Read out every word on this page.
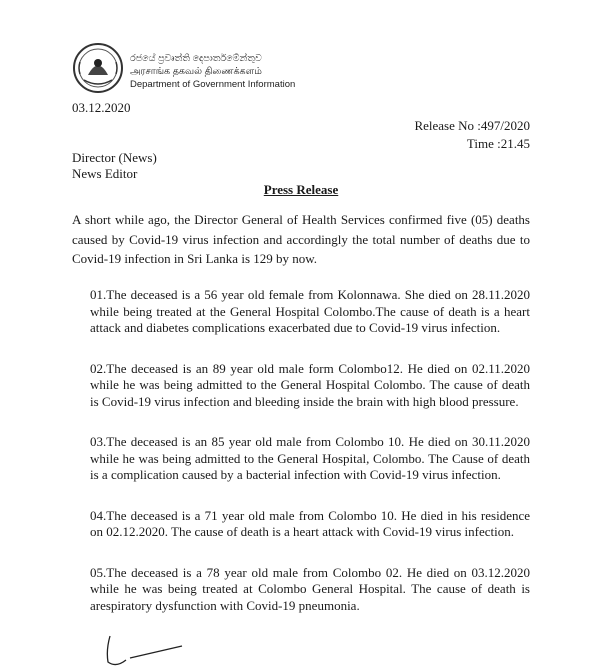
රජයේ ප්‍රවෘත්ති දෙපාර්තමේන්තුව
அரசாங்க தகவல் திணைக்களம்
Department of Government Information
03.12.2020
Release No :497/2020
Time :21.45
Director (News)
News Editor
Press Release
A short while ago, the Director General of Health Services confirmed five (05) deaths caused by Covid-19 virus infection and accordingly the total number of deaths due to Covid-19 infection in Sri Lanka is 129 by now.
01.The deceased is a 56 year old female from Kolonnawa. She died on 28.11.2020 while being treated at the General Hospital Colombo.The cause of death is a heart attack and diabetes complications exacerbated due to Covid-19 virus infection.
02.The deceased is an 89 year old male form Colombo12. He died on 02.11.2020 while he was being admitted to the General Hospital Colombo. The cause of death is Covid-19 virus infection and bleeding inside the brain with high blood pressure.
03.The deceased is an 85 year old male from Colombo 10. He died on 30.11.2020 while he was being admitted to the General Hospital, Colombo. The Cause of death is a complication caused by a bacterial infection with Covid-19 virus infection.
04.The deceased is a 71 year old male from Colombo 10. He died in his residence on 02.12.2020. The cause of death is a heart attack with Covid-19 virus infection.
05.The deceased is a 78 year old male from Colombo 02. He died on 03.12.2020 while he was being treated at Colombo General Hospital. The cause of death is arespiratory dysfunction with Covid-19 pneumonia.
